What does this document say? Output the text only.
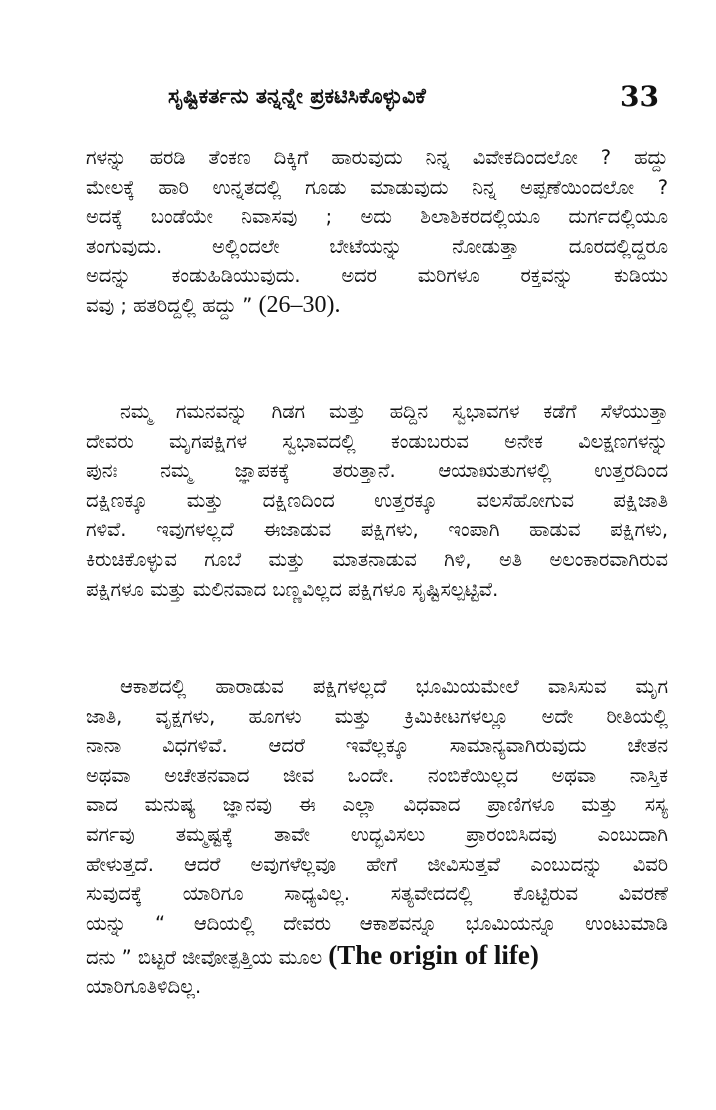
ಸೃಷ್ಟಿಕರ್ತನು ತನ್ನನ್ನೇ ಪ್ರಕಟಿಸಿಕೊಳ್ಳುವಿಕೆ	33
ಗಳನ್ನು ಹರಡಿ ತೆಂಕಣ ದಿಕ್ಕಿಗೆ ಹಾರುವುದು ನಿನ್ನ ವಿವೇಕದಿಂದಲೋ ? ಹದ್ದು
ಮೇಲಕ್ಕೆ ಹಾರಿ ಉನ್ನತದಲ್ಲಿ ಗೂಡು ಮಾಡುವುದು ನಿನ್ನ ಅಪ್ಪಣೆಯಿಂದಲೋ ?
ಅದಕ್ಕೆ ಬಂಡೆಯೇ ನಿವಾಸವು ; ಅದು ಶಿಲಾಶಿಕರದಲ್ಲಿಯೂ ದುರ್ಗದಲ್ಲಿಯೂ
ತಂಗುವುದು. ಅಲ್ಲಿಂದಲೇ ಬೇಟೆಯನ್ನು ನೋಡುತ್ತಾ ದೂರದಲ್ಲಿದ್ದರೂ
ಅದನ್ನು ಕಂಡುಹಿಡಿಯುವುದು. ಅದರ ಮರಿಗಳೂ ರಕ್ತವನ್ನು ಕುಡಿಯು
ವವು ; ಹತರಿದ್ದಲ್ಲಿ ಹದ್ದು ” (26–30).
ನಮ್ಮ ಗಮನವನ್ನು ಗಿಡಗ ಮತ್ತು ಹದ್ದಿನ ಸ್ವಭಾವಗಳ ಕಡೆಗೆ ಸೆಳೆಯುತ್ತಾ
ದೇವರು ಮೃಗಪಕ್ಷಿಗಳ ಸ್ವಭಾವದಲ್ಲಿ ಕಂಡುಬರುವ ಅನೇಕ ವಿಲಕ್ಷಣಗಳನ್ನು
ಪುನಃ ನಮ್ಮ ಜ್ಞಾಪಕಕ್ಕೆ ತರುತ್ತಾನೆ. ಆಯಾಋತುಗಳಲ್ಲಿ ಉತ್ತರದಿಂದ
ದಕ್ಷಿಣಕ್ಕೂ ಮತ್ತು ದಕ್ಷಿಣದಿಂದ ಉತ್ತರಕ್ಕೂ ವಲಸೆಹೋಗುವ ಪಕ್ಷಿಜಾತಿ
ಗಳಿವೆ. ಇವುಗಳಲ್ಲದೆ ಈಜಾಡುವ ಪಕ್ಷಿಗಳು, ಇಂಪಾಗಿ ಹಾಡುವ ಪಕ್ಷಿಗಳು,
ಕಿರುಚಿಕೊಳ್ಳುವ ಗೂಬೆ ಮತ್ತು ಮಾತನಾಡುವ ಗಿಳಿ, ಅತಿ ಅಲಂಕಾರವಾಗಿರುವ
ಪಕ್ಷಿಗಳೂ ಮತ್ತು ಮಲಿನವಾದ ಬಣ್ಣವಿಲ್ಲದ ಪಕ್ಷಿಗಳೂ ಸೃಷ್ಟಿಸಲ್ಪಟ್ಟಿವೆ.
ಆಕಾಶದಲ್ಲಿ ಹಾರಾಡುವ ಪಕ್ಷಿಗಳಲ್ಲದೆ ಭೂಮಿಯಮೇಲೆ ವಾಸಿಸುವ ಮೃಗ
ಜಾತಿ, ವೃಕ್ಷಗಳು, ಹೂಗಳು ಮತ್ತು ಕ್ರಿಮಿಕೀಟಗಳಲ್ಲೂ ಅದೇ ರೀತಿಯಲ್ಲಿ
ನಾನಾ ವಿಧಗಳಿವೆ. ಆದರೆ ಇವೆಲ್ಲಕ್ಕೂ ಸಾಮಾನ್ಯವಾಗಿರುವುದು ಚೇತನ
ಅಥವಾ ಅಚೇತನವಾದ ಜೀವ ಒಂದೇ. ನಂಬಿಕೆಯಿಲ್ಲದ ಅಥವಾ ನಾಸ್ತಿಕ
ವಾದ ಮನುಷ್ಯ ಜ್ಞಾನವು ಈ ಎಲ್ಲಾ ವಿಧವಾದ ಪ್ರಾಣಿಗಳೂ ಮತ್ತು ಸಸ್ಯ
ವರ್ಗವು ತಮ್ಮಷ್ಟಕ್ಕೆ ತಾವೇ ಉದ್ಭವಿಸಲು ಪ್ರಾರಂಬಿಸಿದವು ಎಂಬುದಾಗಿ
ಹೇಳುತ್ತದೆ. ಆದರೆ ಅವುಗಳೆಲ್ಲವೂ ಹೇಗೆ ಜೀವಿಸುತ್ತವೆ ಎಂಬುದನ್ನು ವಿವರಿ
ಸುವುದಕ್ಕೆ ಯಾರಿಗೂ ಸಾಧ್ಯವಿಲ್ಲ. ಸತ್ಯವೇದದಲ್ಲಿ ಕೊಟ್ಟಿರುವ ವಿವರಣೆ
ಯನ್ನು “ ಆದಿಯಲ್ಲಿ ದೇವರು ಆಕಾಶವನ್ನೂ ಭೂಮಿಯನ್ನೂ ಉಂಟುಮಾಡಿ
ದನು ” ಬಿಟ್ಟರೆ ಜೀವೋತ್ಪತ್ತಿಯ ಮೂಲ (The origin of life)
ಯಾರಿಗೂತಿಳಿದಿಲ್ಲ.
